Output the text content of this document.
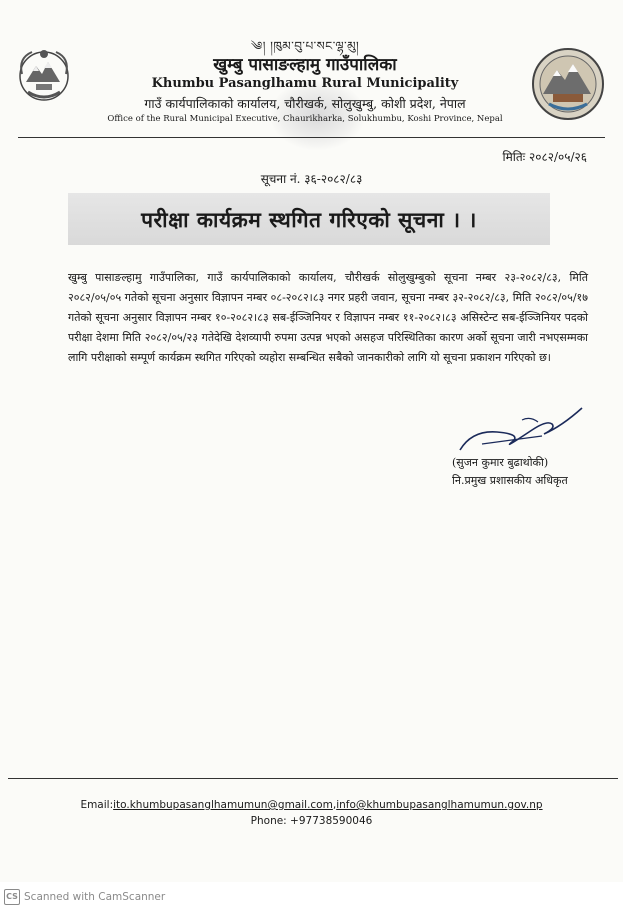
༄། །ཁུམ་བུ་པ་སང་ལྷ་མུ།
खुम्बु पासाङल्हामु गाउँपालिका
Khumbu Pasanglhamu Rural Municipality
गाउँ कार्यपालिकाको कार्यालय, चौरीखर्क, सोलुखुम्बु, कोशी प्रदेश, नेपाल
Office of the Rural Municipal Executive, Chaurikharka, Solukhumbu, Koshi Province, Nepal
मितिः २०८२/०५/२६
सूचना नं. ३६-२०८२/८३
परीक्षा कार्यक्रम स्थगित गरिएको सूचना । ।
खुम्बु पासाङल्हामु गाउँपालिका, गाउँ कार्यपालिकाको कार्यालय, चौरीखर्क सोलुखुम्बुको सूचना नम्बर २३-२०८२/८३, मिति २०८२/०५/०५ गतेको सूचना अनुसार विज्ञापन नम्बर ०८-२०८२।८३ नगर प्रहरी जवान, सूचना नम्बर ३२-२०८२/८३, मिति २०८२/०५/१७ गतेको सूचना अनुसार विज्ञापन नम्बर १०-२०८२।८३ सब-ईञ्जिनियर र विज्ञापन नम्बर ११-२०८२।८३ असिस्टेन्ट सब-ईञ्जिनियर पदको परीक्षा देशमा मिति २०८२/०५/२३ गतेदेखि देशव्यापी रुपमा उत्पन्न भएको असहज परिस्थितिका कारण अर्को सूचना जारी नभएसम्मका लागि परीक्षाको सम्पूर्ण कार्यक्रम स्थगित गरिएको व्यहोरा सम्बन्धित सबैको जानकारीको लागि यो सूचना प्रकाशन गरिएको छ।
(सुजन कुमार बुढाथोकी)
नि.प्रमुख प्रशासकीय अधिकृत
Email:ito.khumbupasanglhamumun@gmail.com,info@khumbupasanglhamumun.gov.np
Phone: +97738590046
CS Scanned with CamScanner
